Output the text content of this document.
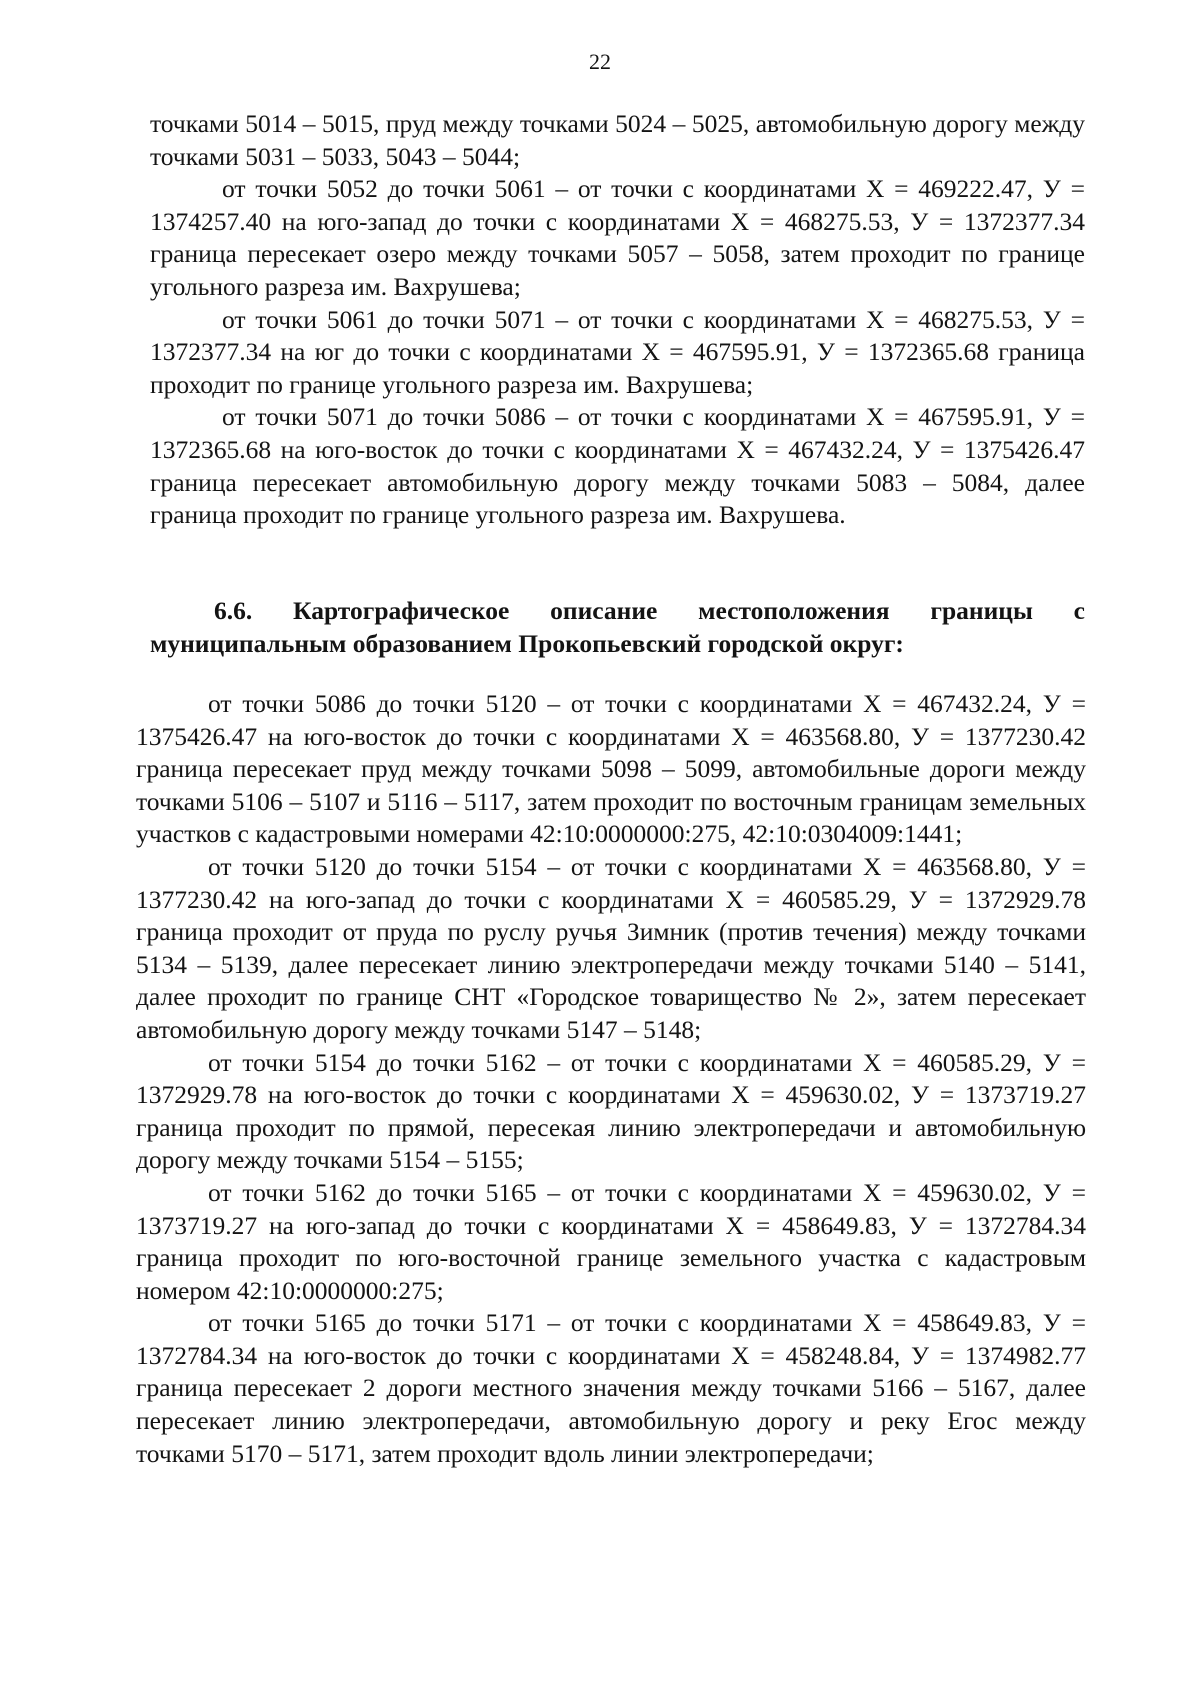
22

точками 5014 – 5015, пруд между точками 5024 – 5025, автомобильную дорогу между точками 5031 – 5033, 5043 – 5044;

от точки 5052 до точки 5061 – от точки с координатами X = 469222.47, У = 1374257.40 на юго-запад до точки с координатами X = 468275.53, У = 1372377.34 граница пересекает озеро между точками 5057 – 5058, затем проходит по границе угольного разреза им. Вахрушева;

от точки 5061 до точки 5071 – от точки с координатами X = 468275.53, У = 1372377.34 на юг до точки с координатами X = 467595.91, У = 1372365.68 граница проходит по границе угольного разреза им. Вахрушева;

от точки 5071 до точки 5086 – от точки с координатами X = 467595.91, У = 1372365.68 на юго-восток до точки с координатами X = 467432.24, У = 1375426.47 граница пересекает автомобильную дорогу между точками 5083 – 5084, далее граница проходит по границе угольного разреза им. Вахрушева.

6.6. Картографическое описание местоположения границы с муниципальным образованием Прокопьевский городской округ:

от точки 5086 до точки 5120 – от точки с координатами X = 467432.24, У = 1375426.47 на юго-восток до точки с координатами X = 463568.80, У = 1377230.42 граница пересекает пруд между точками 5098 – 5099, автомобильные дороги между точками 5106 – 5107 и 5116 – 5117, затем проходит по восточным границам земельных участков с кадастровыми номерами 42:10:0000000:275, 42:10:0304009:1441;

от точки 5120 до точки 5154 – от точки с координатами X = 463568.80, У = 1377230.42 на юго-запад до точки с координатами X = 460585.29, У = 1372929.78 граница проходит от пруда по руслу ручья Зимник (против течения) между точками 5134 – 5139, далее пересекает линию электропередачи между точками 5140 – 5141, далее проходит по границе СНТ «Городское товарищество № 2», затем пересекает автомобильную дорогу между точками 5147 – 5148;

от точки 5154 до точки 5162 – от точки с координатами X = 460585.29, У = 1372929.78 на юго-восток до точки с координатами X = 459630.02, У = 1373719.27 граница проходит по прямой, пересекая линию электропередачи и автомобильную дорогу между точками 5154 – 5155;

от точки 5162 до точки 5165 – от точки с координатами X = 459630.02, У = 1373719.27 на юго-запад до точки с координатами X = 458649.83, У = 1372784.34 граница проходит по юго-восточной границе земельного участка с кадастровым номером 42:10:0000000:275;

от точки 5165 до точки 5171 – от точки с координатами X = 458649.83, У = 1372784.34 на юго-восток до точки с координатами X = 458248.84, У = 1374982.77 граница пересекает 2 дороги местного значения между точками 5166 – 5167, далее пересекает линию электропередачи, автомобильную дорогу и реку Егос между точками 5170 – 5171, затем проходит вдоль линии электропередачи;
